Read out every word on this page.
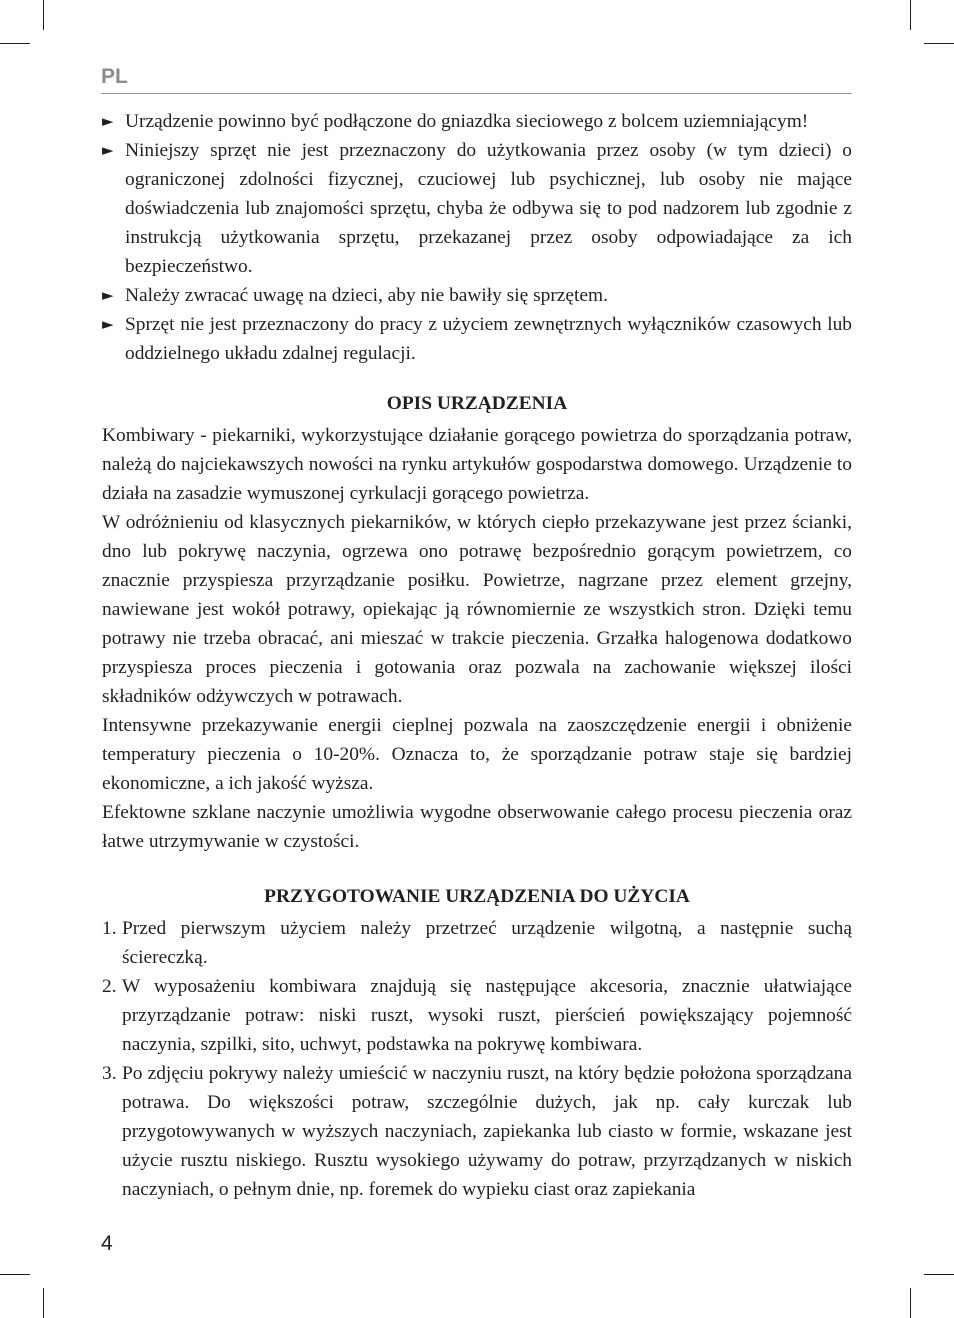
PL
► Urządzenie powinno być podłączone do gniazdka sieciowego z bolcem uziemniającym!
► Niniejszy sprzęt nie jest przeznaczony do użytkowania przez osoby (w tym dzieci) o ograniczonej zdolności fizycznej, czuciowej lub psychicznej, lub osoby nie mające doświadczenia lub znajomości sprzętu, chyba że odbywa się to pod nadzorem lub zgodnie z instrukcją użytkowania sprzętu, przekazanej przez osoby odpowiadające za ich bezpieczeństwo.
► Należy zwracać uwagę na dzieci, aby nie bawiły się sprzętem.
► Sprzęt nie jest przeznaczony do pracy z użyciem zewnętrznych wyłączników czasowych lub oddzielnego układu zdalnej regulacji.
OPIS URZĄDZENIA

Kombiwary - piekarniki, wykorzystujące działanie gorącego powietrza do sporządzania potraw, należą do najciekawszych nowości na rynku artykułów gospodarstwa domowego. Urządzenie to działa na zasadzie wymuszonej cyrkulacji gorącego powietrza.

W odróżnieniu od klasycznych piekarników, w których ciepło przekazywane jest przez ścianki, dno lub pokrywę naczynia, ogrzewa ono potrawę bezpośrednio gorącym powietrzem, co znacznie przyspiesza przyrządzanie posiłku. Powietrze, nagrzane przez element grzejny, nawiewane jest wokół potrawy, opiekając ją równomiernie ze wszystkich stron. Dzięki temu potrawy nie trzeba obracać, ani mieszać w trakcie pieczenia. Grzałka halogenowa dodatkowo przyspiesza proces pieczenia i gotowania oraz pozwala na zachowanie większej ilości składników odżywczych w potrawach.

Intensywne przekazywanie energii cieplnej pozwala na zaoszczędzenie energii i obniżenie temperatury pieczenia o 10-20%. Oznacza to, że sporządzanie potraw staje się bardziej ekonomiczne, a ich jakość wyższa.

Efektowne szklane naczynie umożliwia wygodne obserwowanie całego procesu pieczenia oraz łatwe utrzymywanie w czystości.

PRZYGOTOWANIE URZĄDZENIA DO UŻYCIA
1. Przed pierwszym użyciem należy przetrzeć urządzenie wilgotną, a następnie suchą ściereczką.
2. W wyposażeniu kombiwara znajdują się następujące akcesoria, znacznie ułatwiające przyrządzanie potraw: niski ruszt, wysoki ruszt, pierścień powiększający pojemność naczynia, szpilki, sito, uchwyt, podstawka na pokrywę kombiwara.
3. Po zdjęciu pokrywy należy umieścić w naczyniu ruszt, na który będzie położona sporządzana potrawa. Do większości potraw, szczególnie dużych, jak np. cały kurczak lub przygotowywanych w wyższych naczyniach, zapiekanka lub ciasto w formie, wskazane jest użycie rusztu niskiego. Rusztu wysokiego używamy do potraw, przyrządzanych w niskich naczyniach, o pełnym dnie, np. foremek do wypieku ciast oraz zapiekania
4
